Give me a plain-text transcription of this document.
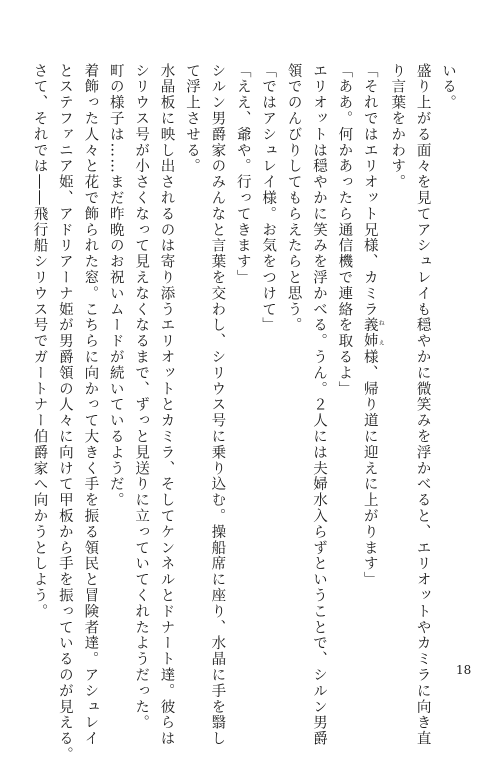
いる。
盛り上がる面々を見てアシュレイも穏やかに微笑みを浮かべると、エリオットやカミラに向き直
り言葉をかわす。
「それではエリオット兄様、カミラ義姉 ね え様、帰り道に迎えに上がります」
「ああ。何かあったら通信機で連絡を取るよ」
エリオットは穏やかに笑みを浮かべる。うん。２人には夫婦水入らずということで、シルン男爵
領でのんびりしてもらえたらと思う。
「ではアシュレイ様。お気をつけて」
「ええ、爺や。行ってきます」
シルン男爵家のみんなと言葉を交わし、シリウス号に乗り込む。操船席に座り、水晶に手を翳し
て浮上させる。
水晶板に映し出されるのは寄り添うエリオットとカミラ、そしてケンネルとドナート達。彼らは
シリウス号が小さくなって見えなくなるまで、ずっと見送りに立っていてくれたようだった。
町の様子は……まだ昨晩のお祝いムードが続いているようだ。
着飾った人々と花で飾られた窓。こちらに向かって大きく手を振る領民と冒険者達。アシュレイ
とステファニア姫、アドリアーナ姫が男爵領の人々に向けて甲板から手を振っているのが見える。
さて、それでは――飛行船シリウス号でガートナー伯爵家へ向かうとしよう。
18
